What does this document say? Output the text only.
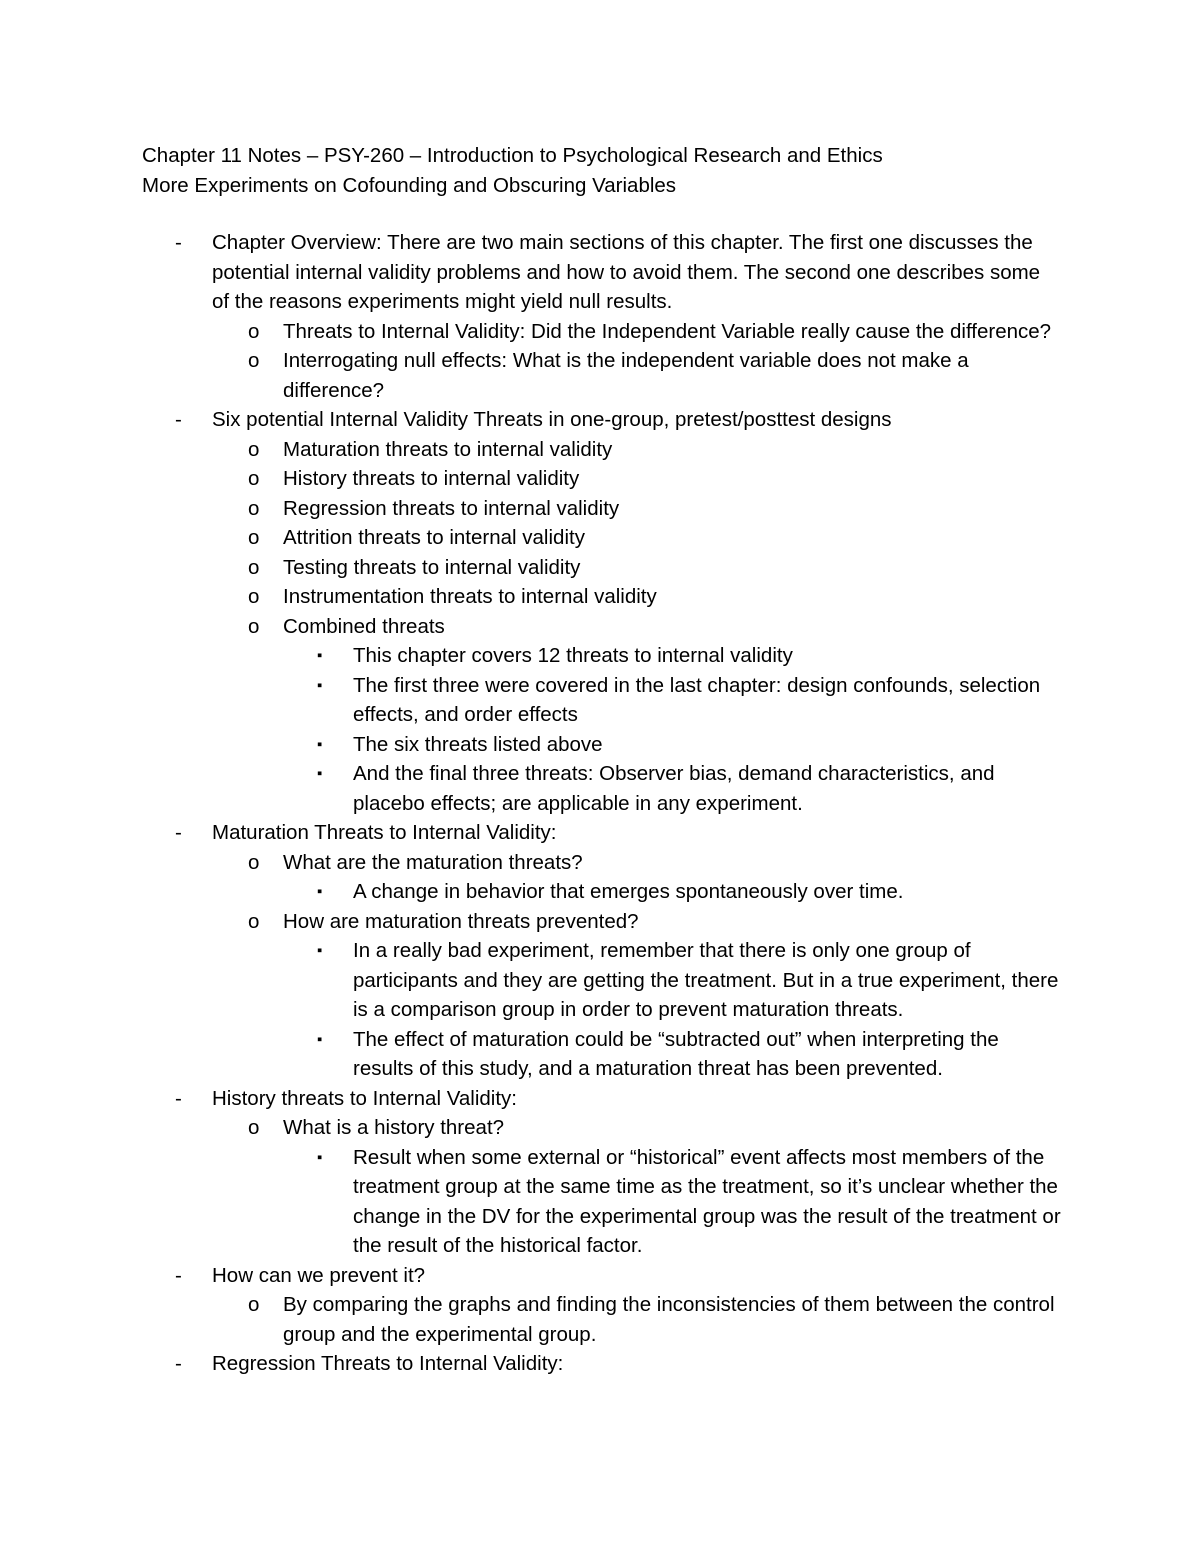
Chapter 11 Notes – PSY-260 – Introduction to Psychological Research and Ethics
More Experiments on Cofounding and Obscuring Variables
- Chapter Overview: There are two main sections of this chapter. The first one discusses the potential internal validity problems and how to avoid them. The second one describes some of the reasons experiments might yield null results.
o Threats to Internal Validity: Did the Independent Variable really cause the difference?
o Interrogating null effects: What is the independent variable does not make a difference?
- Six potential Internal Validity Threats in one-group, pretest/posttest designs
o Maturation threats to internal validity
o History threats to internal validity
o Regression threats to internal validity
o Attrition threats to internal validity
o Testing threats to internal validity
o Instrumentation threats to internal validity
o Combined threats
▪ This chapter covers 12 threats to internal validity
▪ The first three were covered in the last chapter: design confounds, selection effects, and order effects
▪ The six threats listed above
▪ And the final three threats: Observer bias, demand characteristics, and placebo effects; are applicable in any experiment.
- Maturation Threats to Internal Validity:
o What are the maturation threats?
▪ A change in behavior that emerges spontaneously over time.
o How are maturation threats prevented?
▪ In a really bad experiment, remember that there is only one group of participants and they are getting the treatment. But in a true experiment, there is a comparison group in order to prevent maturation threats.
▪ The effect of maturation could be “subtracted out” when interpreting the results of this study, and a maturation threat has been prevented.
- History threats to Internal Validity:
o What is a history threat?
▪ Result when some external or “historical” event affects most members of the treatment group at the same time as the treatment, so it’s unclear whether the change in the DV for the experimental group was the result of the treatment or the result of the historical factor.
- How can we prevent it?
o By comparing the graphs and finding the inconsistencies of them between the control group and the experimental group.
- Regression Threats to Internal Validity:
